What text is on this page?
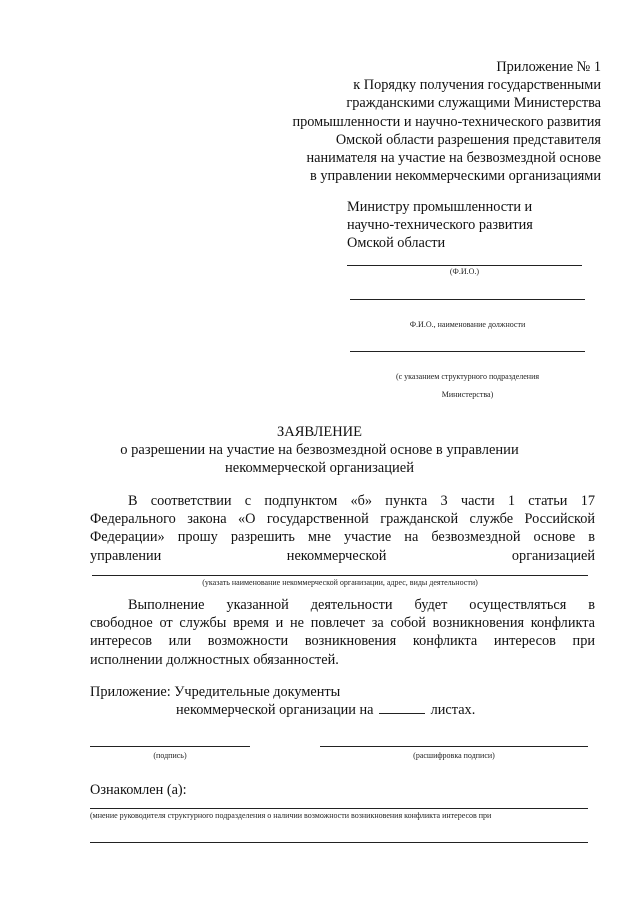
Приложение № 1
к Порядку получения государственными
гражданскими служащими Министерства
промышленности и научно-технического развития
Омской области разрешения представителя
нанимателя на участие на безвозмездной основе
в управлении некоммерческими организациями
Министру промышленности и
научно-технического развития
Омской области
(Ф.И.О.)
Ф.И.О., наименование должности
(с указанием структурного подразделения
Министерства)
ЗАЯВЛЕНИЕ
о разрешении на участие на безвозмездной основе в управлении
некоммерческой организацией
В соответствии с подпунктом «б» пункта 3 части 1 статьи 17
Федерального закона «О государственной гражданской службе Российской
Федерации» прошу разрешить мне участие на безвозмездной основе в
управлении некоммерческой организацией
(указать наименование некоммерческой организации, адрес, виды деятельности)
Выполнение указанной деятельности будет осуществляться в
свободное от службы время и не повлечет за собой возникновения конфликта
интересов или возможности возникновения конфликта интересов при
исполнении должностных обязанностей.
Приложение: Учредительные документы
некоммерческой организации на	листах.
(подпись)	(расшифровка подписи)
Ознакомлен (а):
(мнение руководителя структурного подразделения о наличии возможности возникновения конфликта интересов при
